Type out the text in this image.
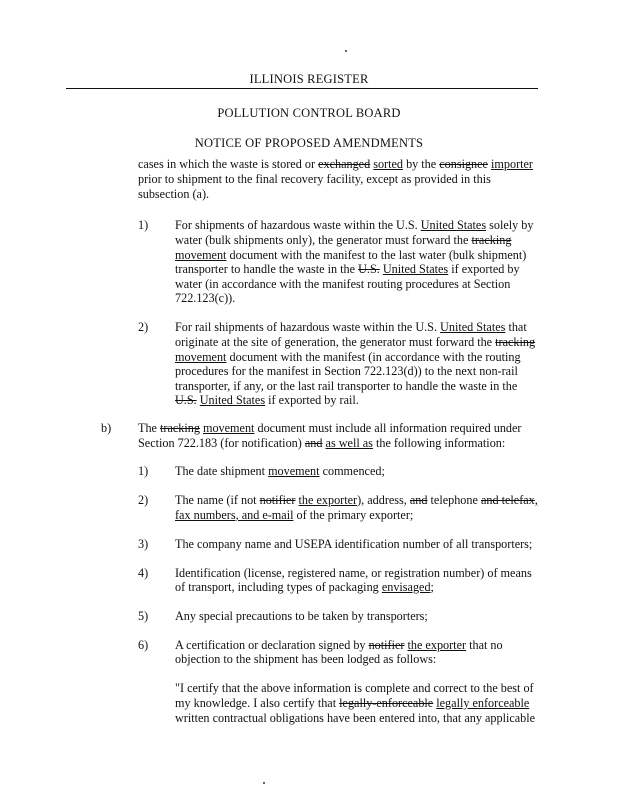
ILLINOIS REGISTER
POLLUTION CONTROL BOARD
NOTICE OF PROPOSED AMENDMENTS
cases in which the waste is stored or exchanged sorted by the consignee importer
prior to shipment to the final recovery facility, except as provided in this
subsection (a).
1) For shipments of hazardous waste within the U.S. United States solely by
water (bulk shipments only), the generator must forward the tracking
movement document with the manifest to the last water (bulk shipment)
transporter to handle the waste in the U.S. United States if exported by
water (in accordance with the manifest routing procedures at Section
722.123(c)).
2) For rail shipments of hazardous waste within the U.S. United States that
originate at the site of generation, the generator must forward the tracking
movement document with the manifest (in accordance with the routing
procedures for the manifest in Section 722.123(d)) to the next non-rail
transporter, if any, or the last rail transporter to handle the waste in the
U.S. United States if exported by rail.
b) The tracking movement document must include all information required under
Section 722.183 (for notification) and as well as the following information:
1) The date shipment movement commenced;
2) The name (if not notifier the exporter), address, and telephone and telefax,
fax numbers, and e-mail of the primary exporter;
3) The company name and USEPA identification number of all transporters;
4) Identification (license, registered name, or registration number) of means
of transport, including types of packaging envisaged;
5) Any special precautions to be taken by transporters;
6) A certification or declaration signed by notifier the exporter that no
objection to the shipment has been lodged as follows:
"I certify that the above information is complete and correct to the best of
my knowledge. I also certify that legally-enforceable legally enforceable
written contractual obligations have been entered into, that any applicable
